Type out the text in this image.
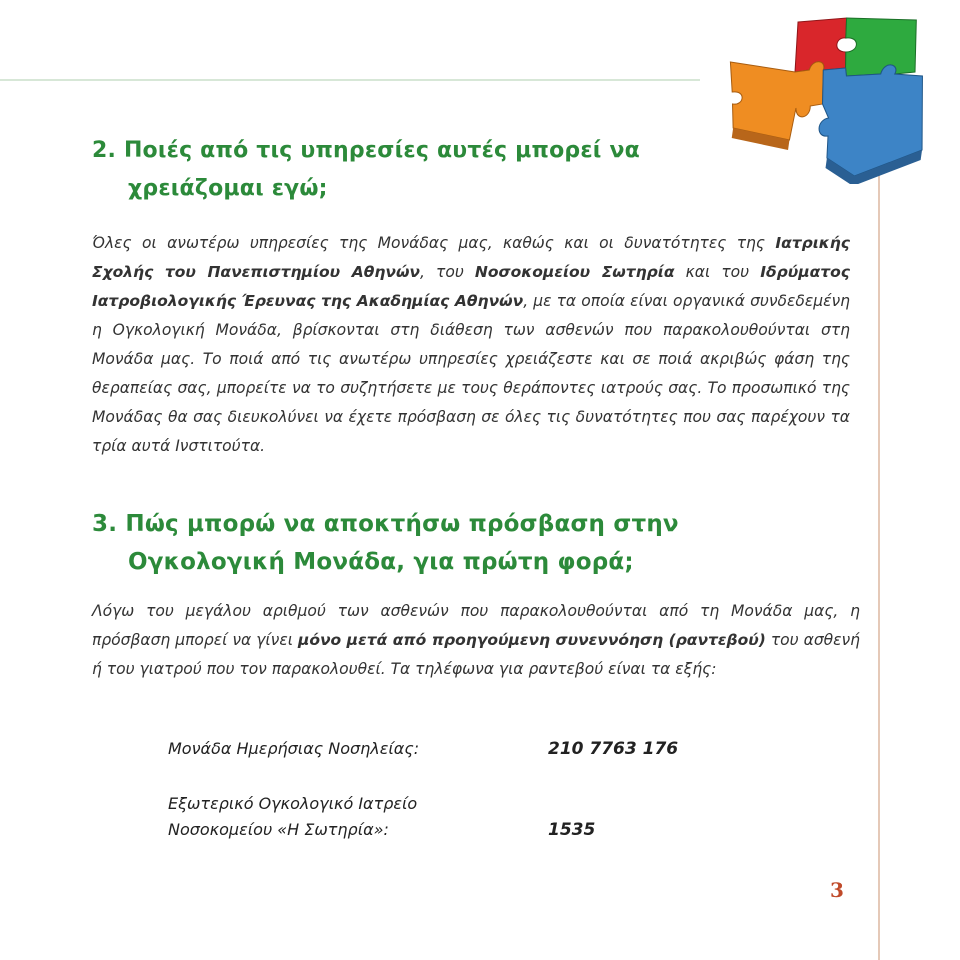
2. Ποιές από τις υπηρεσίες αυτές μπορεί να
χρειάζομαι εγώ;

Όλες οι ανωτέρω υπηρεσίες της Μονάδας μας, καθώς και οι δυνατότητες της Ιατρικής Σχολής του Πανεπιστημίου Αθηνών, του Νοσοκομείου Σωτηρία και του Ιδρύματος Ιατροβιολογικής Έρευνας της Ακαδημίας Αθηνών, με τα οποία είναι οργανικά συνδεδεμένη η Ογκολογική Μονάδα, βρίσκονται στη διάθεση των ασθενών που παρακολουθούνται στη Μονάδα μας. Το ποιά από τις ανωτέρω υπηρεσίες χρειάζεστε και σε ποιά ακριβώς φάση της θεραπείας σας, μπορείτε να το συζητήσετε με τους θεράποντες ιατρούς σας. Το προσωπικό της Μονάδας θα σας διευκολύνει να έχετε πρόσβαση σε όλες τις δυνατότητες που σας παρέχουν τα τρία αυτά Ινστιτούτα.

3. Πώς μπορώ να αποκτήσω πρόσβαση στην
Ογκολογική Μονάδα, για πρώτη φορά;

Λόγω του μεγάλου αριθμού των ασθενών που παρακολουθούνται από τη Μονάδα μας, η πρόσβαση μπορεί να γίνει μόνο μετά από προηγούμενη συνεννόηση (ραντεβού) του ασθενή ή του γιατρού που τον παρακολουθεί. Τα τηλέφωνα για ραντεβού είναι τα εξής:

Μονάδα Ημερήσιας Νοσηλείας:	210 7763 176
Εξωτερικό Ογκολογικό Ιατρείο
Νοσοκομείου «Η Σωτηρία»:	1535
3
